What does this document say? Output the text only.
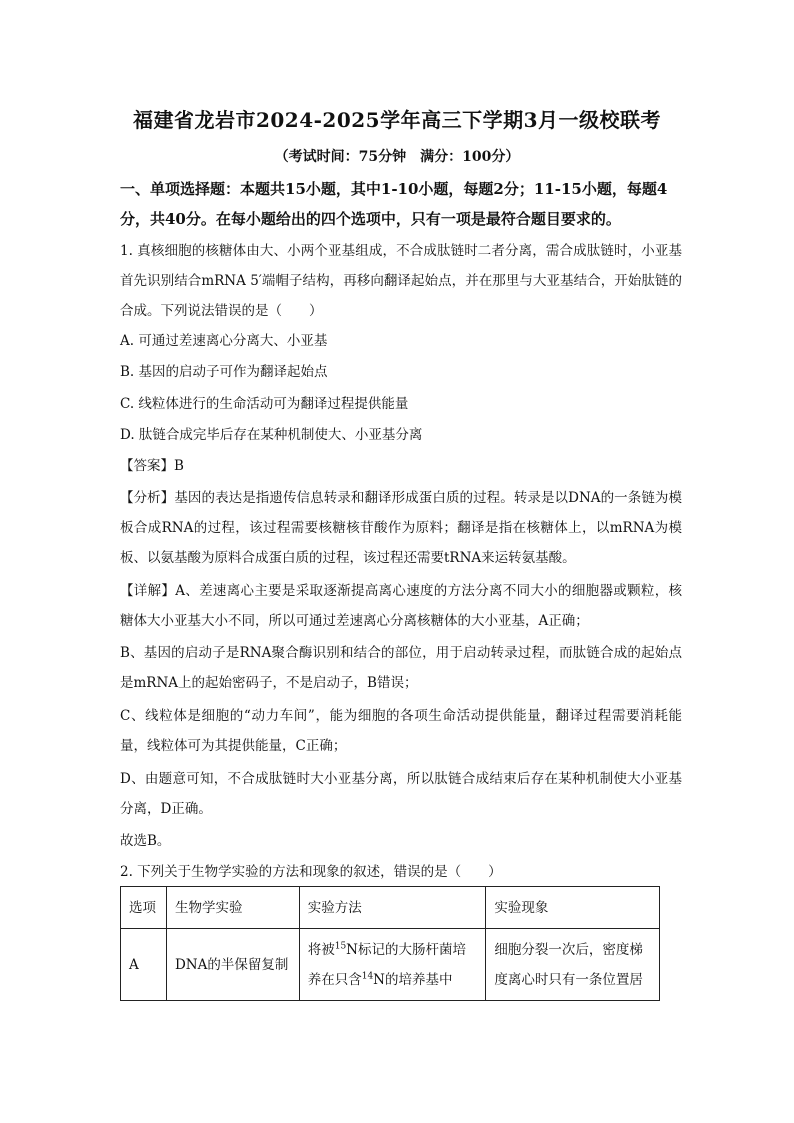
福建省龙岩市2024-2025学年高三下学期3月一级校联考
（考试时间：75分钟　满分：100分）
一、单项选择题：本题共15小题，其中1-10小题，每题2分；11-15小题，每题4分，共40分。在每小题给出的四个选项中，只有一项是最符合题目要求的。
1. 真核细胞的核糖体由大、小两个亚基组成，不合成肽链时二者分离，需合成肽链时，小亚基首先识别结合mRNA 5′端帽子结构，再移向翻译起始点，并在那里与大亚基结合，开始肽链的合成。下列说法错误的是（　　）
A. 可通过差速离心分离大、小亚基
B. 基因的启动子可作为翻译起始点
C. 线粒体进行的生命活动可为翻译过程提供能量
D. 肽链合成完毕后存在某种机制使大、小亚基分离
【答案】B
【分析】基因的表达是指遗传信息转录和翻译形成蛋白质的过程。转录是以DNA的一条链为模板合成RNA的过程，该过程需要核糖核苷酸作为原料；翻译是指在核糖体上，以mRNA为模板、以氨基酸为原料合成蛋白质的过程，该过程还需要tRNA来运转氨基酸。
【详解】A、差速离心主要是采取逐渐提高离心速度的方法分离不同大小的细胞器或颗粒，核糖体大小亚基大小不同，所以可通过差速离心分离核糖体的大小亚基，A正确；
B、基因的启动子是RNA聚合酶识别和结合的部位，用于启动转录过程，而肽链合成的起始点是mRNA上的起始密码子，不是启动子，B错误；
C、线粒体是细胞的“动力车间”，能为细胞的各项生命活动提供能量，翻译过程需要消耗能量，线粒体可为其提供能量，C正确；
D、由题意可知，不合成肽链时大小亚基分离，所以肽链合成结束后存在某种机制使大小亚基分离，D正确。
故选B。
2. 下列关于生物学实验的方法和现象的叙述，错误的是（　　）
选项	生物学实验	实验方法	实验现象
A	DNA的半保留复制	将被$^{15}$N标记的大肠杆菌培养在只含$^{14}$N的培养基中	细胞分裂一次后，密度梯度离心时只有一条位置居
